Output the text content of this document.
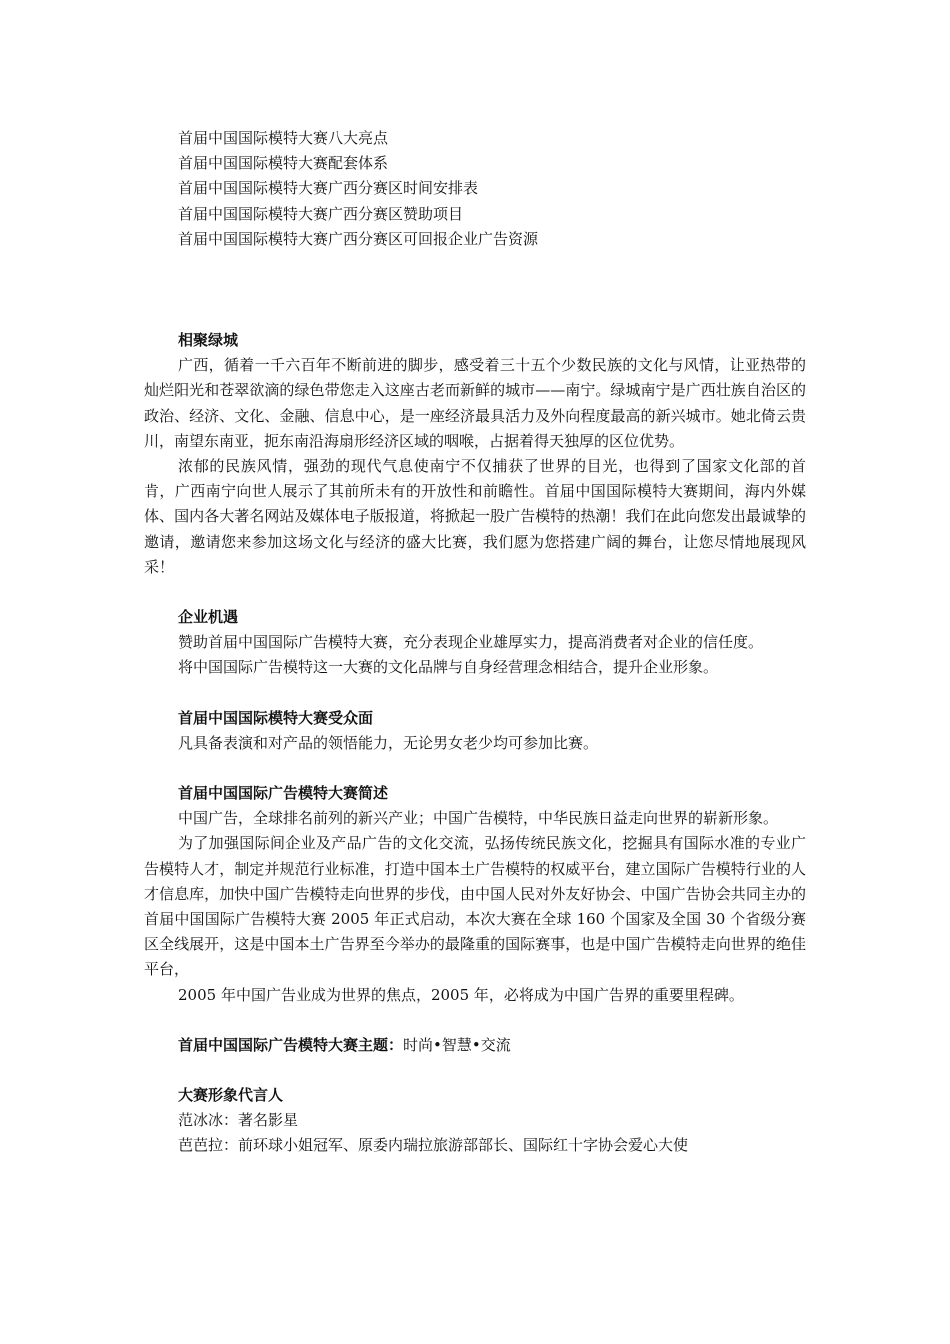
首届中国国际模特大赛八大亮点

首届中国国际模特大赛配套体系

首届中国国际模特大赛广西分赛区时间安排表

首届中国国际模特大赛广西分赛区赞助项目

首届中国国际模特大赛广西分赛区可回报企业广告资源

相聚绿城

广西，循着一千六百年不断前进的脚步，感受着三十五个少数民族的文化与风情，让亚热带的灿烂阳光和苍翠欲滴的绿色带您走入这座古老而新鲜的城市——南宁。绿城南宁是广西壮族自治区的政治、经济、文化、金融、信息中心，是一座经济最具活力及外向程度最高的新兴城市。她北倚云贵川，南望东南亚，扼东南沿海扇形经济区域的咽喉，占据着得天独厚的区位优势。

浓郁的民族风情，强劲的现代气息使南宁不仅捕获了世界的目光，也得到了国家文化部的首肯，广西南宁向世人展示了其前所未有的开放性和前瞻性。首届中国国际模特大赛期间，海内外媒体、国内各大著名网站及媒体电子版报道，将掀起一股广告模特的热潮！我们在此向您发出最诚挚的邀请，邀请您来参加这场文化与经济的盛大比赛，我们愿为您搭建广阔的舞台，让您尽情地展现风采！

企业机遇

赞助首届中国国际广告模特大赛，充分表现企业雄厚实力，提高消费者对企业的信任度。

将中国国际广告模特这一大赛的文化品牌与自身经营理念相结合，提升企业形象。

首届中国国际模特大赛受众面

凡具备表演和对产品的领悟能力，无论男女老少均可参加比赛。

首届中国国际广告模特大赛简述

中国广告，全球排名前列的新兴产业；中国广告模特，中华民族日益走向世界的崭新形象。

为了加强国际间企业及产品广告的文化交流，弘扬传统民族文化，挖掘具有国际水准的专业广告模特人才，制定并规范行业标准，打造中国本土广告模特的权威平台，建立国际广告模特行业的人才信息库，加快中国广告模特走向世界的步伐，由中国人民对外友好协会、中国广告协会共同主办的首届中国国际广告模特大赛 2005 年正式启动，本次大赛在全球 160 个国家及全国 30 个省级分赛区全线展开，这是中国本土广告界至今举办的最隆重的国际赛事，也是中国广告模特走向世界的绝佳平台，

2005 年中国广告业成为世界的焦点，2005 年，必将成为中国广告界的重要里程碑。

首届中国国际广告模特大赛主题：时尚•智慧•交流

大赛形象代言人

范冰冰：著名影星

芭芭拉：前环球小姐冠军、原委内瑞拉旅游部部长、国际红十字协会爱心大使
